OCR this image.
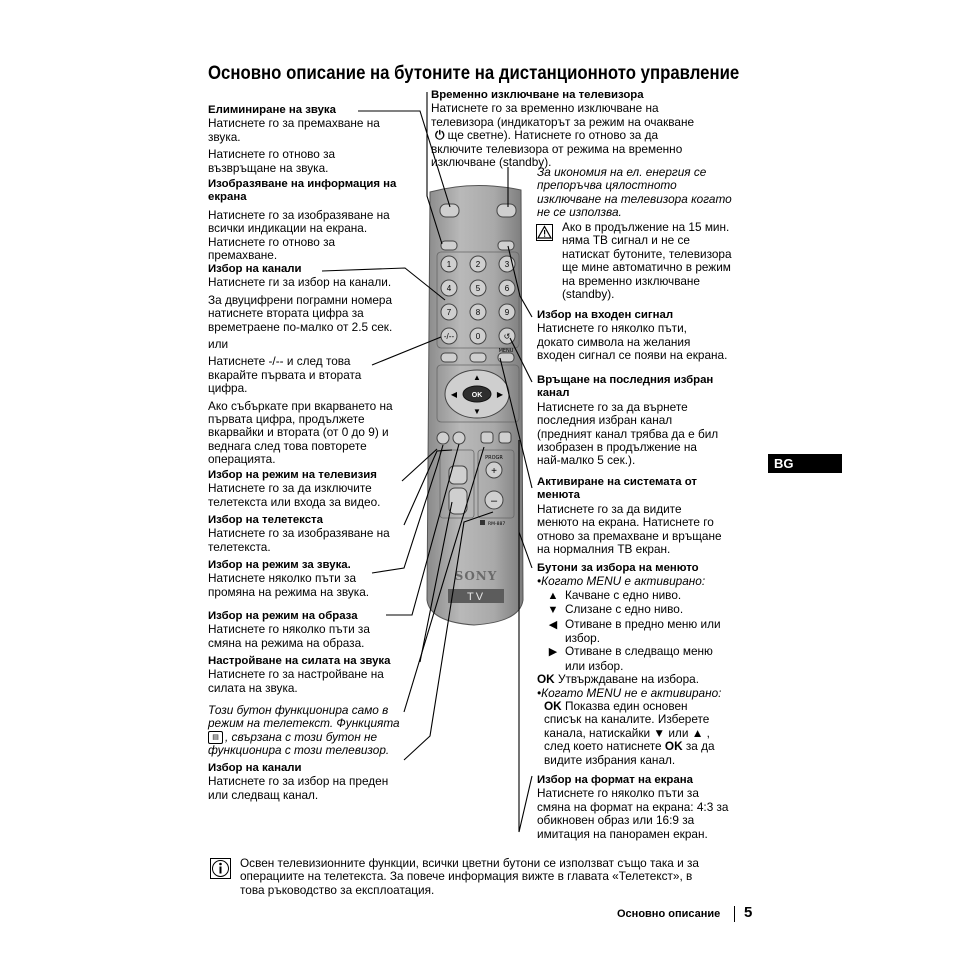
Основно описание на бутоните на дистанционното управление
Елиминиране на звука

Натиснете го за премахване на

звука.

Натиснете го отново за

възвръщане на звука.

Изобразяване на информация на
екрана

Натиснете го за изобразяване на

всички индикации на екрана.

Натиснете го отново за

премахване.

Избор на канали

Натиснете ги за избор на канали.

За двуцифрени пограмни номера

натиснете втората цифра за

времетраене по-малко от 2.5 сек.

или

Натиснете -/-- и след това

вкарайте първата и втората

цифра.

Ако събъркате при вкарването на

първата цифра, продължете

вкарвайки и втората (от 0 до 9) и

веднага след това повторете

операцията.

Избор на режим на телевизия

Натиснете го за да изключите

телетекста или входа за видео.

Избор на телетекста

Натиснете го за изобразяване на

телетекста.

Избор на режим за звука.

Натиснете няколко пъти за

промяна на режима на звука.

Избор на режим на образа

Натиснете го няколко пъти за

смяна на режима на образа.

Настройване на силата на звука

Натиснете го за настройване на

силата на звука.

Този бутон функционира само в

режим на телетекст. Функцията

▤ , свързана с този бутон не

функционира с този телевизор.

Избор на канали

Натиснете го за избор на преден

или следващ канал.

Временно изключване на телевизора

Натиснете го за временно изключване на

телевизора (индикаторът за режим на очакване

⏻ ще светне). Натиснете го отново за да

включите телевизора от режима на временно

изключване (standby).

За икономия на ел. енергия се

препоръчва цялостното

изключване на телевизора когато

не се използва.

Ако в продължение на 15 мин.

няма ТВ сигнал и не се

натискат бутоните, телевизора

ще мине автоматично в режим

на временно изключване

(standby).

Избор на входен сигнал

Натиснете го няколко пъти,

докато символа на желания

входен сигнал се появи на екрана.

Връщане на последния избран
канал

Натиснете го за да върнете

последния избран канал

(предният канал трябва да е бил

изобразен в продължение на

най-малко 5 сек.).

Активиране на системата от
менюта

Натиснете го за да видите

менюто на екрана. Натиснете го

отново за премахване и връщане

на нормалния ТВ екран.

Бутони за избора на менюто

•Когато MENU е активирано:

▲ Качване с едно ниво.

▼ Слизане с едно ниво.

◀ Отиване в предно меню или

избор.

▶ Отиване в следващо меню

или избор.

OK Утвърждаване на избора.

•Когато MENU не е активирано:

OK Показва един основен

списък на каналите. Изберете

канала, натискайки ▼ или ▲ ,

след което натиснете OK за да

видите избрания канал.

Избор на формат на екрана

Натиснете го няколко пъти за

смяна на формат на екрана: 4:3 за

обикновен образ или 16:9 за

имитация на панорамен екран.

BG

Освен телевизионните функции, всички цветни бутони се използват също така и за

операциите на телетекста. За повече информация вижте в главата «Телетекст», в

това ръководство за експлоатация.

Основно описание 5
1	2	3
4	5	6
7	8	9
-/--	0	↺
MENU
OK
▲
▼
◀	▶
PROGR
+
–
RM-887
SONY
TV
